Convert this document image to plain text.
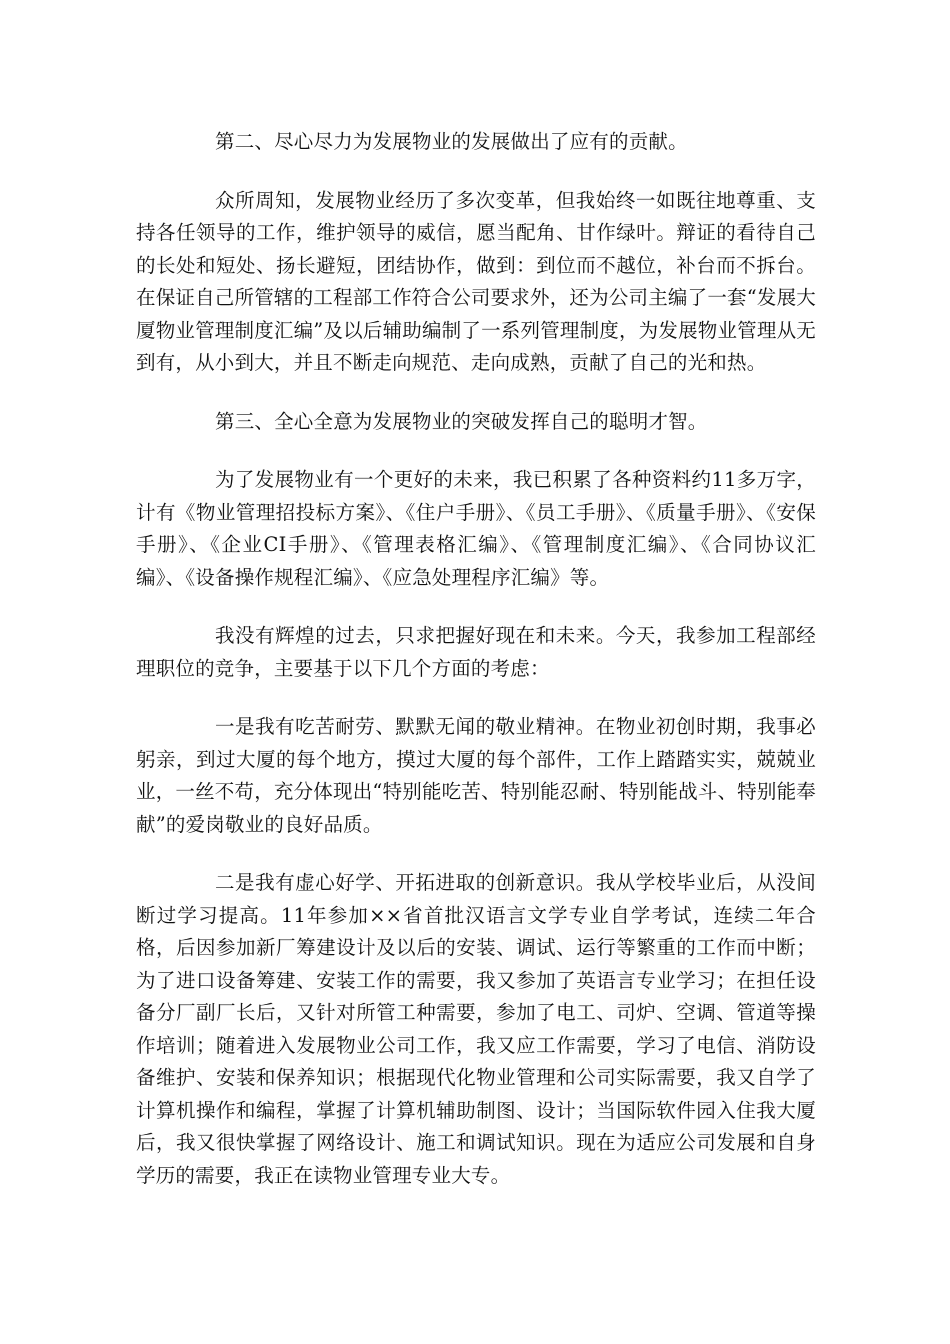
第二、尽心尽力为发展物业的发展做出了应有的贡献。

众所周知，发展物业经历了多次变革，但我始终一如既往地尊重、支持各任领导的工作，维护领导的威信，愿当配角、甘作绿叶。辩证的看待自己的长处和短处、扬长避短，团结协作，做到：到位而不越位，补台而不拆台。在保证自己所管辖的工程部工作符合公司要求外，还为公司主编了一套“发展大厦物业管理制度汇编”及以后辅助编制了一系列管理制度，为发展物业管理从无到有，从小到大，并且不断走向规范、走向成熟，贡献了自己的光和热。

第三、全心全意为发展物业的突破发挥自己的聪明才智。

为了发展物业有一个更好的未来，我已积累了各种资料约11多万字，计有《物业管理招投标方案》、《住户手册》、《员工手册》、《质量手册》、《安保手册》、《企业CI手册》、《管理表格汇编》、《管理制度汇编》、《合同协议汇编》、《设备操作规程汇编》、《应急处理程序汇编》等。

我没有辉煌的过去，只求把握好现在和未来。今天，我参加工程部经理职位的竞争，主要基于以下几个方面的考虑：

一是我有吃苦耐劳、默默无闻的敬业精神。在物业初创时期，我事必躬亲，到过大厦的每个地方，摸过大厦的每个部件，工作上踏踏实实，兢兢业业，一丝不苟，充分体现出“特别能吃苦、特别能忍耐、特别能战斗、特别能奉献”的爱岗敬业的良好品质。

二是我有虚心好学、开拓进取的创新意识。我从学校毕业后，从没间断过学习提高。11年参加××省首批汉语言文学专业自学考试，连续二年合格，后因参加新厂筹建设计及以后的安装、调试、运行等繁重的工作而中断；为了进口设备筹建、安装工作的需要，我又参加了英语言专业学习；在担任设备分厂副厂长后，又针对所管工种需要，参加了电工、司炉、空调、管道等操作培训；随着进入发展物业公司工作，我又应工作需要，学习了电信、消防设备维护、安装和保养知识；根据现代化物业管理和公司实际需要，我又自学了计算机操作和编程，掌握了计算机辅助制图、设计；当国际软件园入住我大厦后，我又很快掌握了网络设计、施工和调试知识。现在为适应公司发展和自身学历的需要，我正在读物业管理专业大专。
